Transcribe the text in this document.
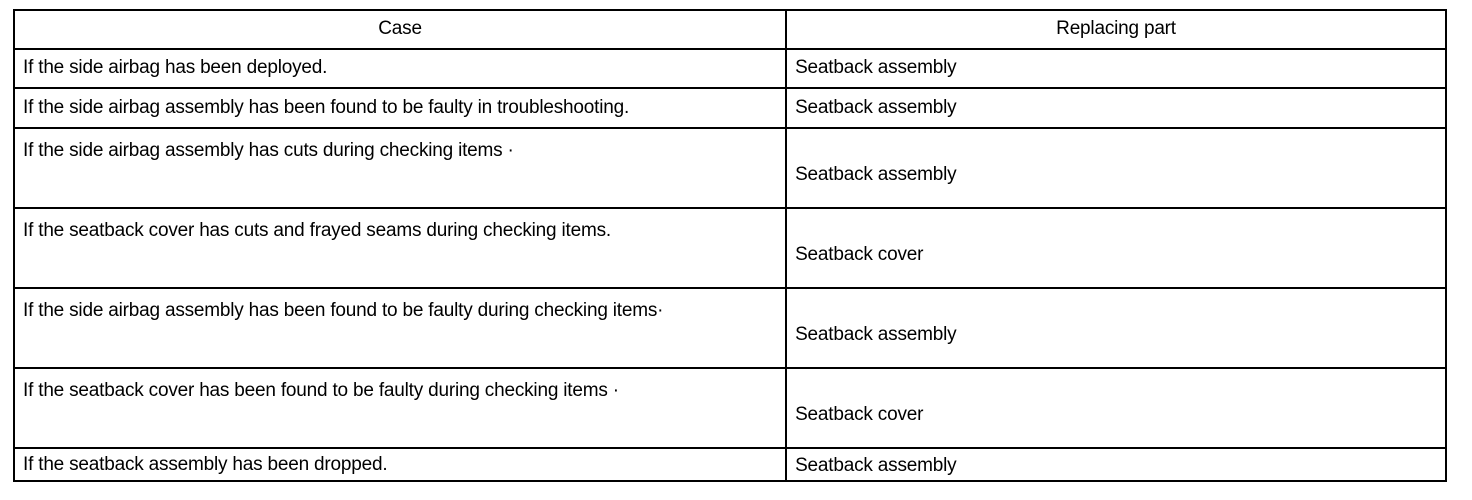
Case	Replacing part
If the side airbag has been deployed.	Seatback assembly
If the side airbag assembly has been found to be faulty in troubleshooting.	Seatback assembly
If the side airbag assembly has cuts during checking items ·	Seatback assembly
If the seatback cover has cuts and frayed seams during checking items.	Seatback cover
If the side airbag assembly has been found to be faulty during checking items·	Seatback assembly
If the seatback cover has been found to be faulty during checking items ·	Seatback cover
If the seatback assembly has been dropped.	Seatback assembly
